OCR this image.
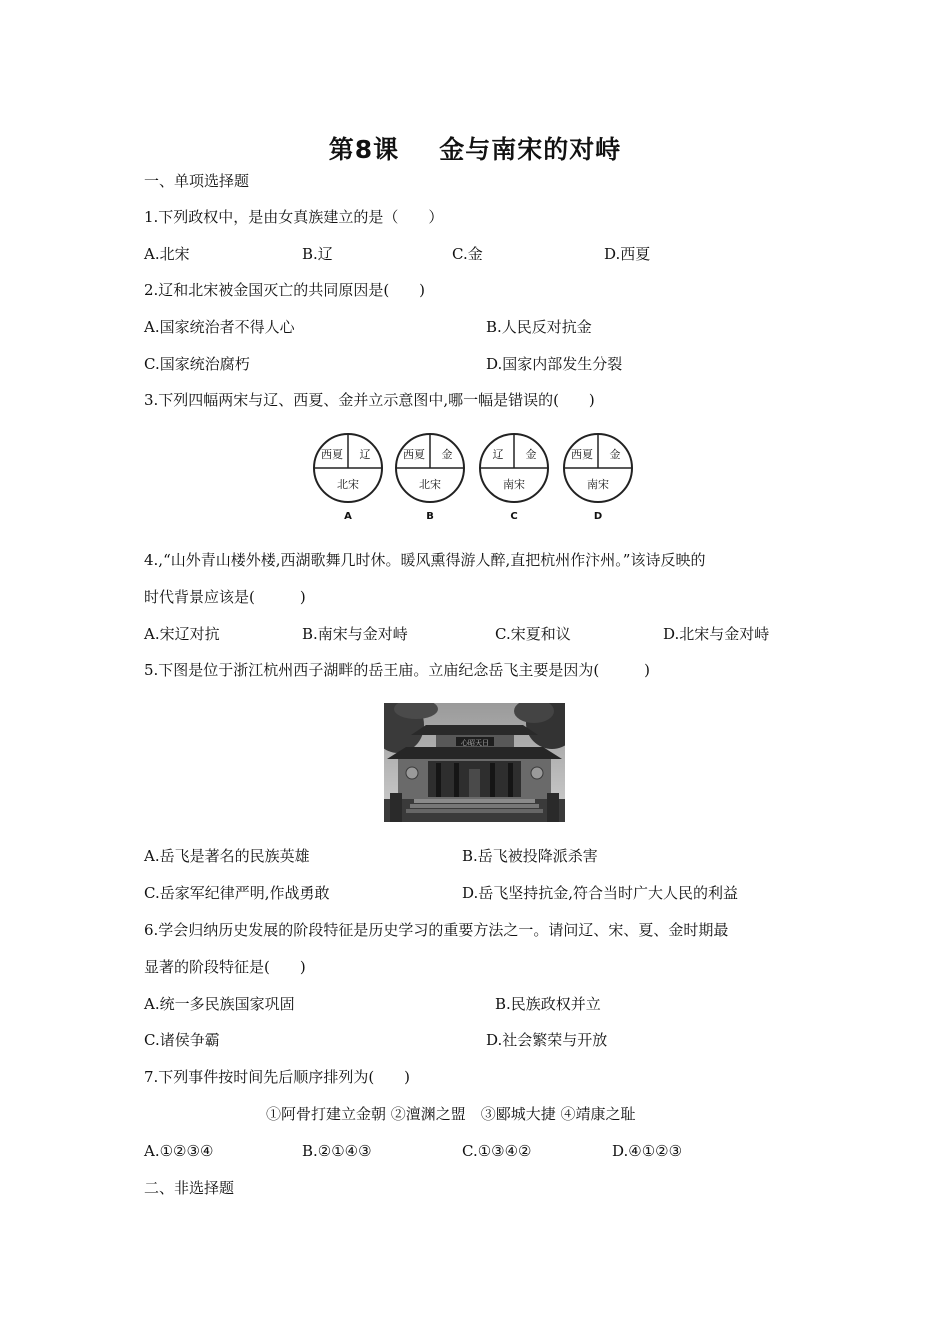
第8课 金与南宋的对峙
一、单项选择题
1.下列政权中，是由女真族建立的是（　　）
A.北宋	B.辽	C.金	D.西夏
2.辽和北宋被金国灭亡的共同原因是(　　)
A.国家统治者不得人心	B.人民反对抗金
C.国家统治腐朽	D.国家内部发生分裂
3.下列四幅两宋与辽、西夏、金并立示意图中,哪一幅是错误的(　　)
西夏 辽
北宋
A
西夏 金
北宋
B
辽 金
南宋
C
西夏 金
南宋
D
4.,“山外青山楼外楼,西湖歌舞几时休。暖风熏得游人醉,直把杭州作汴州。”该诗反映的
时代背景应该是(　　　)
A.宋辽对抗	B.南宋与金对峙	C.宋夏和议	D.北宋与金对峙
5.下图是位于浙江杭州西子湖畔的岳王庙。立庙纪念岳飞主要是因为(　　　)
心昭天日
A.岳飞是著名的民族英雄	B.岳飞被投降派杀害
C.岳家军纪律严明,作战勇敢	D.岳飞坚持抗金,符合当时广大人民的利益
6.学会归纳历史发展的阶段特征是历史学习的重要方法之一。请问辽、宋、夏、金时期最
显著的阶段特征是(　　)
A.统一多民族国家巩固	B.民族政权并立
C.诸侯争霸	D.社会繁荣与开放
7.下列事件按时间先后顺序排列为(　　)
①阿骨打建立金朝 ②澶渊之盟　③郾城大捷 ④靖康之耻
A.①②③④	B.②①④③	C.①③④②	D.④①②③
二、非选择题
